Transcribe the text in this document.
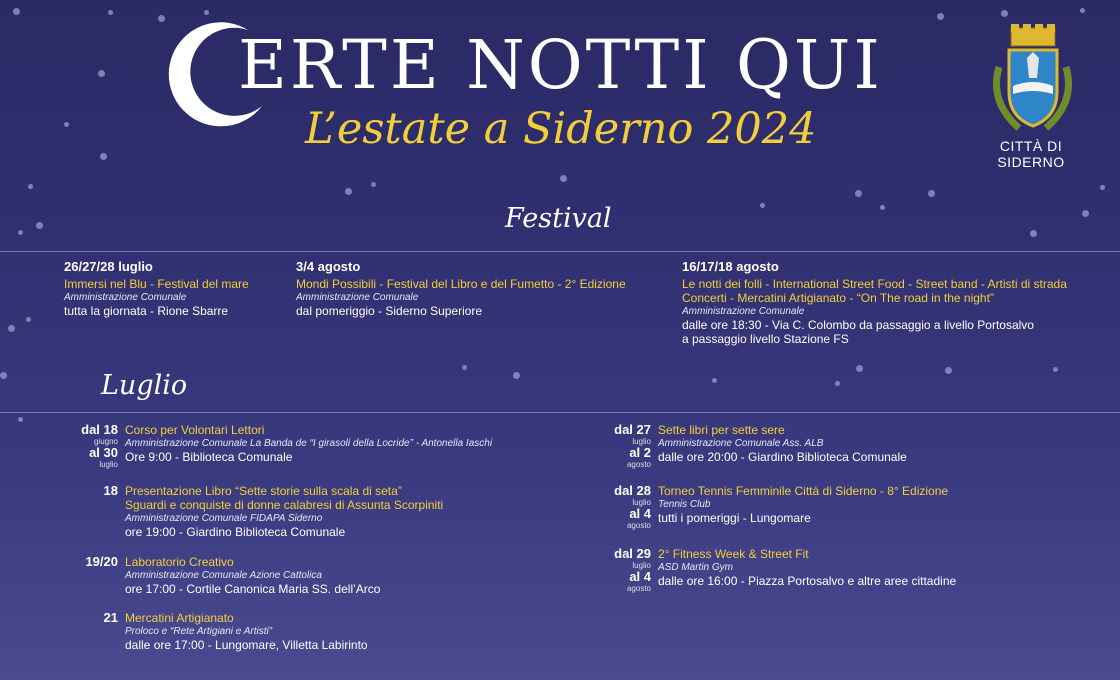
ERTE NOTTI QUI
L’estate a Siderno 2024	CITTÀ DI SIDERNO
Festival
26/27/28 luglio
Immersi nel Blu - Festival del mare
Amministrazione Comunale
tutta la giornata - Rione Sbarre
3/4 agosto
Mondi Possibili - Festival del Libro e del Fumetto - 2° Edizione
Amministrazione Comunale
dal pomeriggio - Siderno Superiore
16/17/18 agosto
Le notti dei folli - International Street Food - Street band - Artisti di strada
Concerti - Mercatini Artigianato - “On The road in the night”
Amministrazione Comunale
dalle ore 18:30 - Via C. Colombo da passaggio a livello Portosalvo
a passaggio livello Stazione FS
Luglio
dal 18
giugno
al 30
luglio
Corso per Volontari Lettori
Amministrazione Comunale La Banda de “I girasoli della Locride” - Antonella Iaschi
Ore 9:00 - Biblioteca Comunale
18 Presentazione Libro “Sette storie sulla scala di seta”
Sguardi e conquiste di donne calabresi di Assunta Scorpiniti
Amministrazione Comunale FIDAPA Siderno
ore 19:00 - Giardino Biblioteca Comunale
19/20 Laboratorio Creativo
Amministrazione Comunale Azione Cattolica
ore 17:00 - Cortile Canonica Maria SS. dell’Arco
21 Mercatini Artigianato
Proloco e “Rete Artigiani e Artisti”
dalle ore 17:00 - Lungomare, Villetta Labirinto
dal 27
luglio
al 2
agosto
Sette libri per sette sere
Amministrazione Comunale Ass. ALB
dalle ore 20:00 - Giardino Biblioteca Comunale
dal 28
luglio
al 4
agosto
Torneo Tennis Femminile Città di Siderno - 8° Edizione
Tennis Club
tutti i pomeriggi - Lungomare
dal 29
luglio
al 4
agosto
2° Fitness Week & Street Fit
ASD Martin Gym
dalle ore 16:00 - Piazza Portosalvo e altre aree cittadine
